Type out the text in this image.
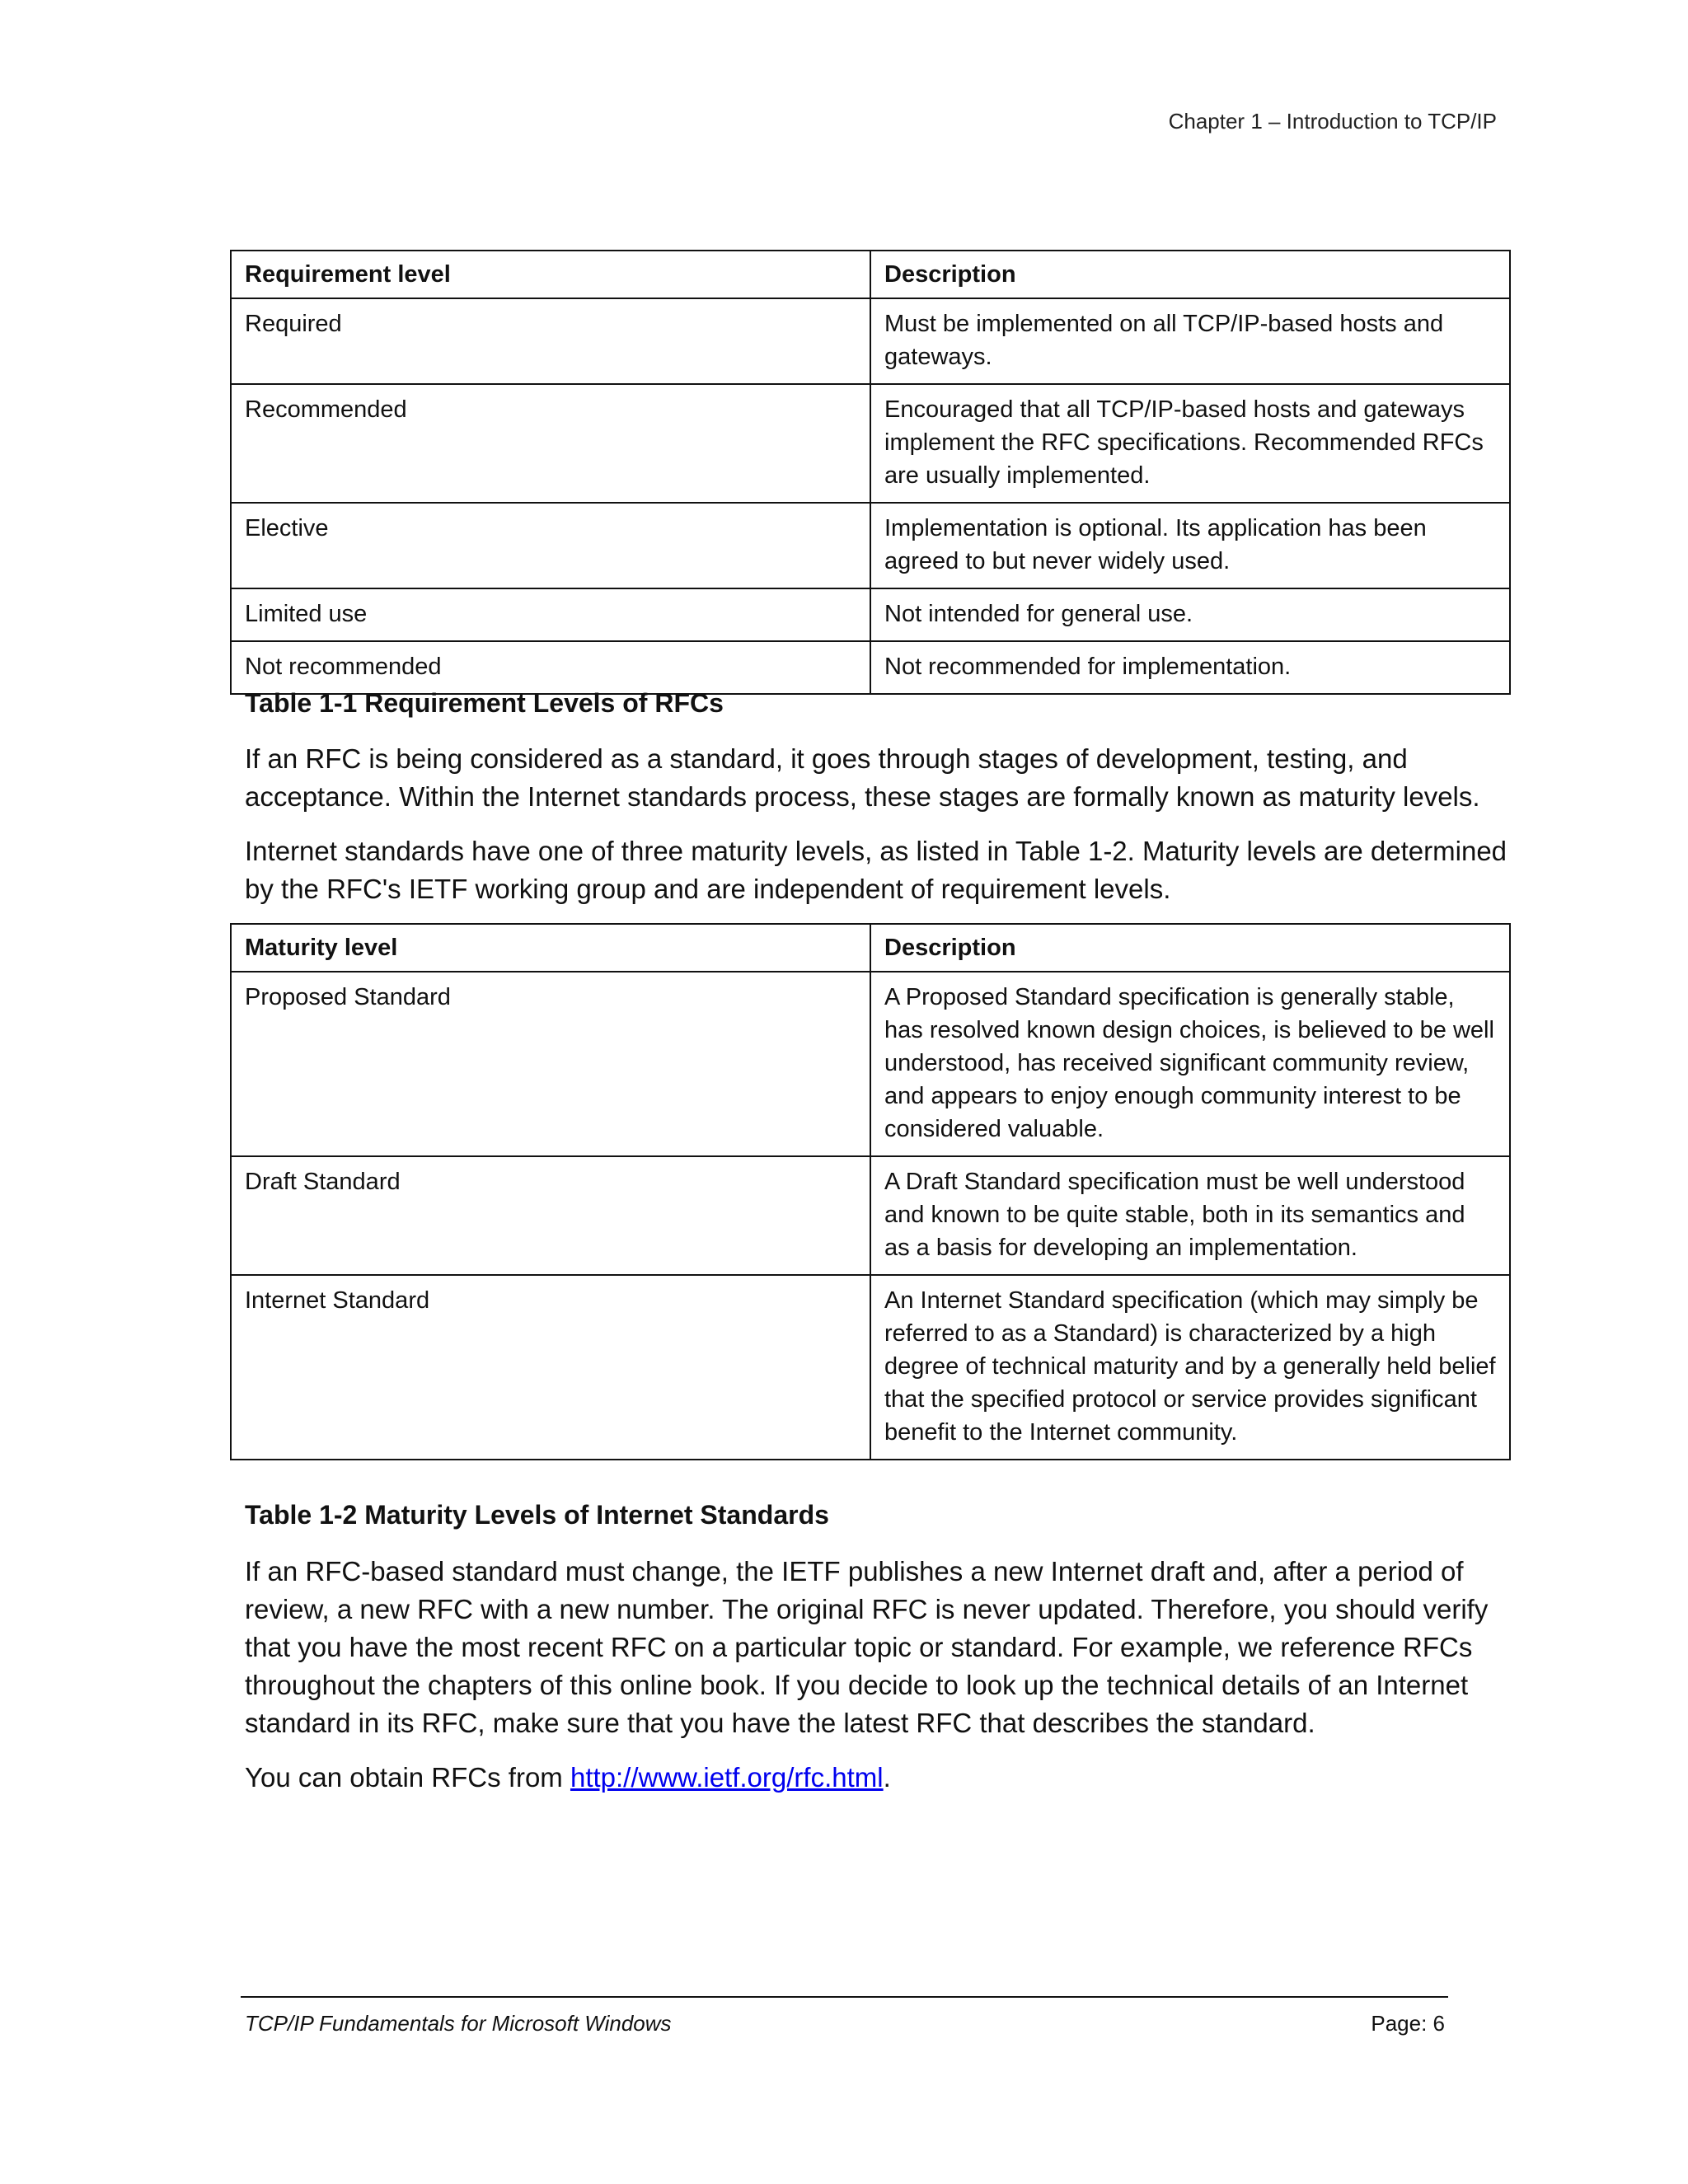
Chapter 1 – Introduction to TCP/IP
Requirement level	Description
Required	Must be implemented on all TCP/IP-based hosts and gateways.
Recommended	Encouraged that all TCP/IP-based hosts and gateways implement the RFC specifications. Recommended RFCs are usually implemented.
Elective	Implementation is optional. Its application has been agreed to but never widely used.
Limited use	Not intended for general use.
Not recommended	Not recommended for implementation.
Table 1-1 Requirement Levels of RFCs

If an RFC is being considered as a standard, it goes through stages of development, testing, and acceptance. Within the Internet standards process, these stages are formally known as maturity levels.

Internet standards have one of three maturity levels, as listed in Table 1-2. Maturity levels are determined by the RFC's IETF working group and are independent of requirement levels.

Maturity level	Description
Proposed Standard	A Proposed Standard specification is generally stable, has resolved known design choices, is believed to be well understood, has received significant community review, and appears to enjoy enough community interest to be considered valuable.
Draft Standard	A Draft Standard specification must be well understood and known to be quite stable, both in its semantics and as a basis for developing an implementation.
Internet Standard	An Internet Standard specification (which may simply be referred to as a Standard) is characterized by a high degree of technical maturity and by a generally held belief that the specified protocol or service provides significant benefit to the Internet community.
Table 1-2 Maturity Levels of Internet Standards

If an RFC-based standard must change, the IETF publishes a new Internet draft and, after a period of review, a new RFC with a new number. The original RFC is never updated. Therefore, you should verify that you have the most recent RFC on a particular topic or standard. For example, we reference RFCs throughout the chapters of this online book. If you decide to look up the technical details of an Internet standard in its RFC, make sure that you have the latest RFC that describes the standard.

You can obtain RFCs from http://www.ietf.org/rfc.html.

TCP/IP Fundamentals for Microsoft Windows	Page: 6
